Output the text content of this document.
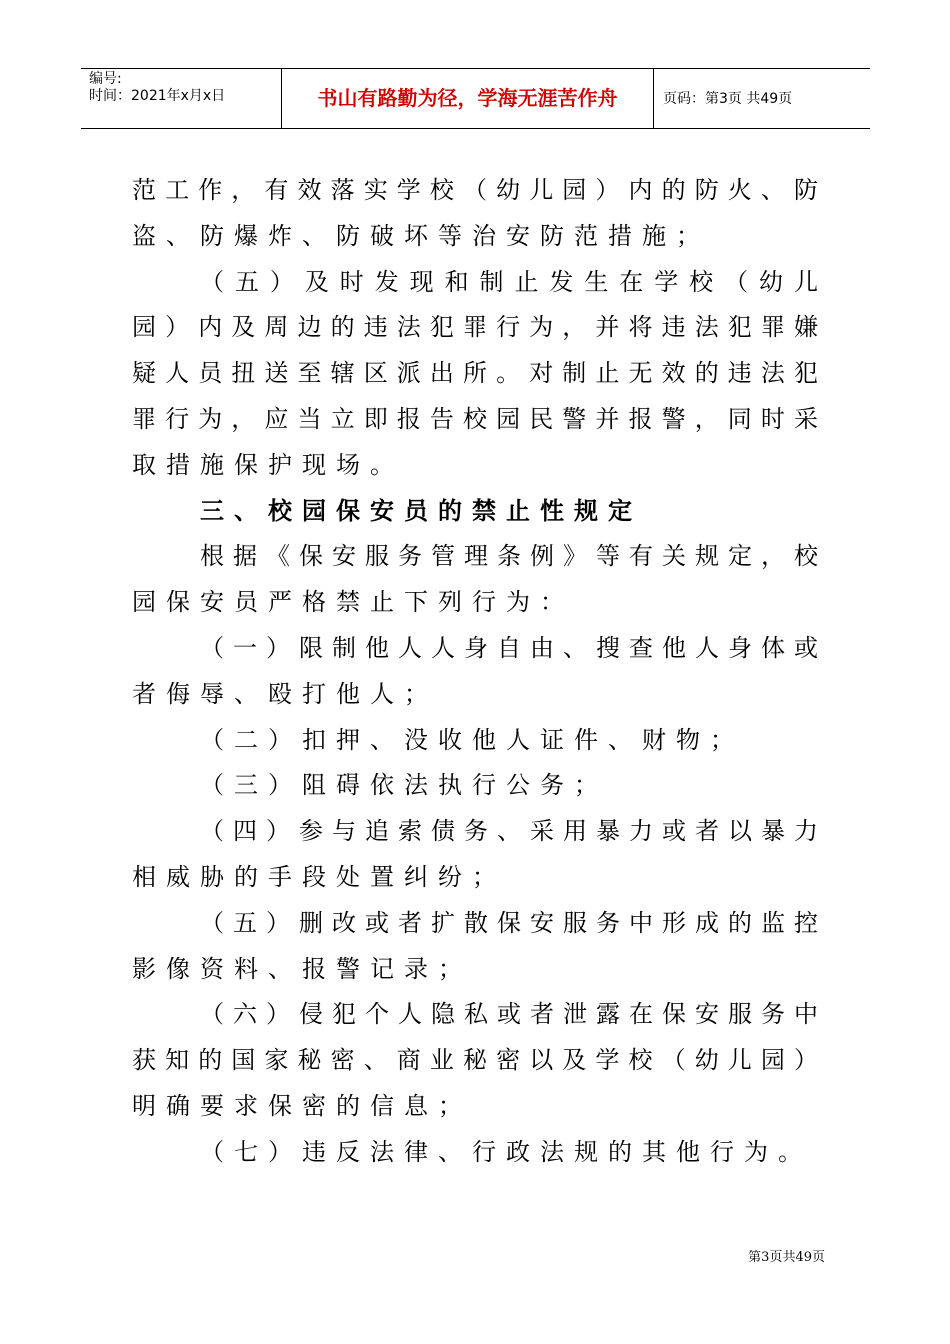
编号:
时间：2021年x月x日	书山有路勤为径，学海无涯苦作舟	页码：第3页 共49页
范工作，有效落实学校（幼儿园）内的防火、防
盗、防爆炸、防破坏等治安防范措施；
（五）及时发现和制止发生在学校（幼儿
园）内及周边的违法犯罪行为，并将违法犯罪嫌
疑人员扭送至辖区派出所。对制止无效的违法犯
罪行为，应当立即报告校园民警并报警，同时采
取措施保护现场。
三、校园保安员的禁止性规定
根据《保安服务管理条例》等有关规定，校
园保安员严格禁止下列行为：
（一）限制他人人身自由、搜查他人身体或
者侮辱、殴打他人；
（二）扣押、没收他人证件、财物；
（三）阻碍依法执行公务；
（四）参与追索债务、采用暴力或者以暴力
相威胁的手段处置纠纷；
（五）删改或者扩散保安服务中形成的监控
影像资料、报警记录；
（六）侵犯个人隐私或者泄露在保安服务中
获知的国家秘密、商业秘密以及学校（幼儿园）
明确要求保密的信息；
（七）违反法律、行政法规的其他行为。
第3页共49页
